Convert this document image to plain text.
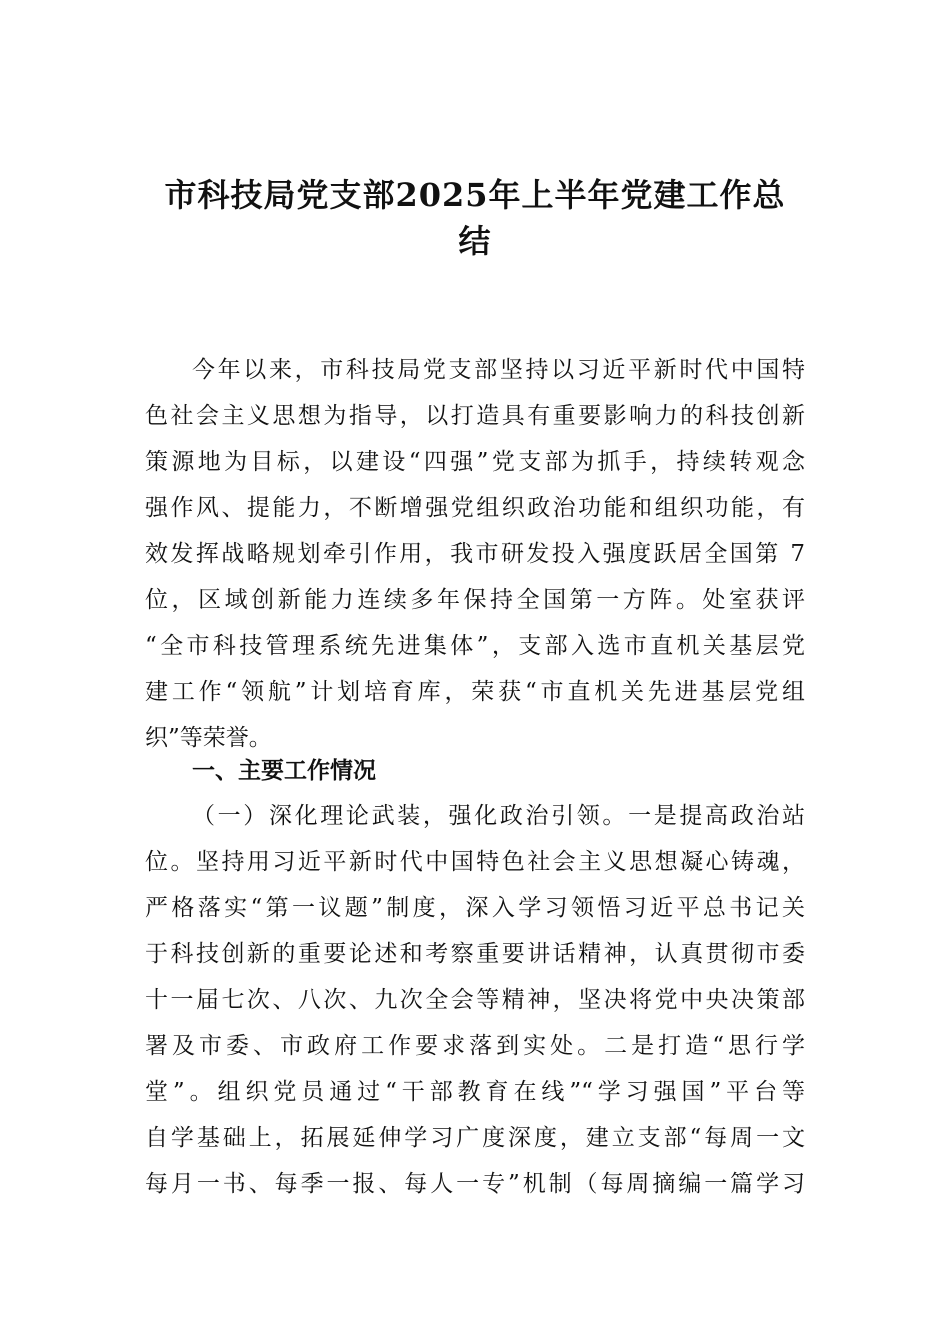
市科技局党支部2025年上半年党建工作总
结
今年以来，市科技局党支部坚持以习近平新时代中国特
色社会主义思想为指导，以打造具有重要影响力的科技创新
策源地为目标，以建设“四强”党支部为抓手，持续转观念
强作风、提能力，不断增强党组织政治功能和组织功能，有
效发挥战略规划牵引作用，我市研发投入强度跃居全国第 7
位，区域创新能力连续多年保持全国第一方阵。处室获评
“全市科技管理系统先进集体”，支部入选市直机关基层党
建工作“领航”计划培育库，荣获“市直机关先进基层党组
织”等荣誉。
一、主要工作情况
（一）深化理论武装，强化政治引领。一是提高政治站
位。坚持用习近平新时代中国特色社会主义思想凝心铸魂，
严格落实“第一议题”制度，深入学习领悟习近平总书记关
于科技创新的重要论述和考察重要讲话精神，认真贯彻市委
十一届七次、八次、九次全会等精神，坚决将党中央决策部
署及市委、市政府工作要求落到实处。二是打造“思行学
堂”。组织党员通过“干部教育在线”“学习强国”平台等
自学基础上，拓展延伸学习广度深度，建立支部“每周一文
每月一书、每季一报、每人一专”机制（每周摘编一篇学习
